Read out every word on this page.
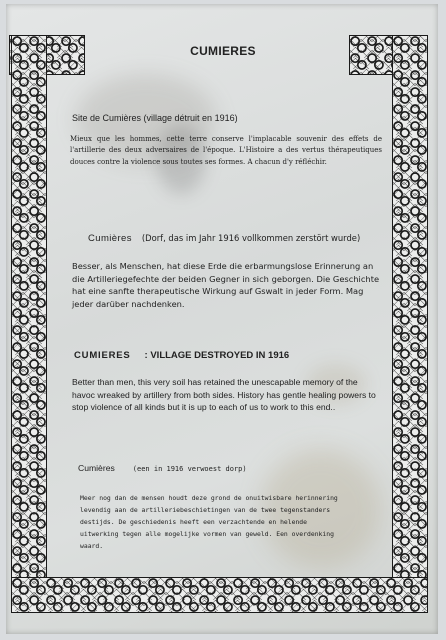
CUMIERES
Site de Cumières (village détruit en 1916)
Mieux que les hommes, cette terre conserve l'implacable souvenir des effets de l'artillerie des deux adversaires de l'époque. L'Histoire a des vertus thérapeutiques douces contre la violence sous toutes ses formes. A chacun d'y réfléchir.
Cumières (Dorf, das im Jahr 1916 vollkommen zerstört wurde)
Besser, als Menschen, hat diese Erde die erbarmungslose Erinnerung an die Artilleriegefechte der beiden Gegner in sich geborgen. Die Geschichte hat eine sanfte therapeutische Wirkung auf Gswalt in jeder Form. Mag jeder darüber nachdenken.
CUMIERES : VILLAGE DESTROYED IN 1916
Better than men, this very soil has retained the unescapable memory of the havoc wreaked by artillery from both sides. History has gentle healing powers to stop violence of all kinds but it is up to each of us to work to this end..
Cumières	(een in 1916 verwoest dorp)
Meer nog dan de mensen houdt deze grond de onuitwisbare herinnering levendig aan de artilleriebeschietingen van de twee tegenstanders destijds. De geschiedenis heeft een verzachtende en helende uitwerking tegen alle mogelijke vormen van geweld. Een overdenking waard.
